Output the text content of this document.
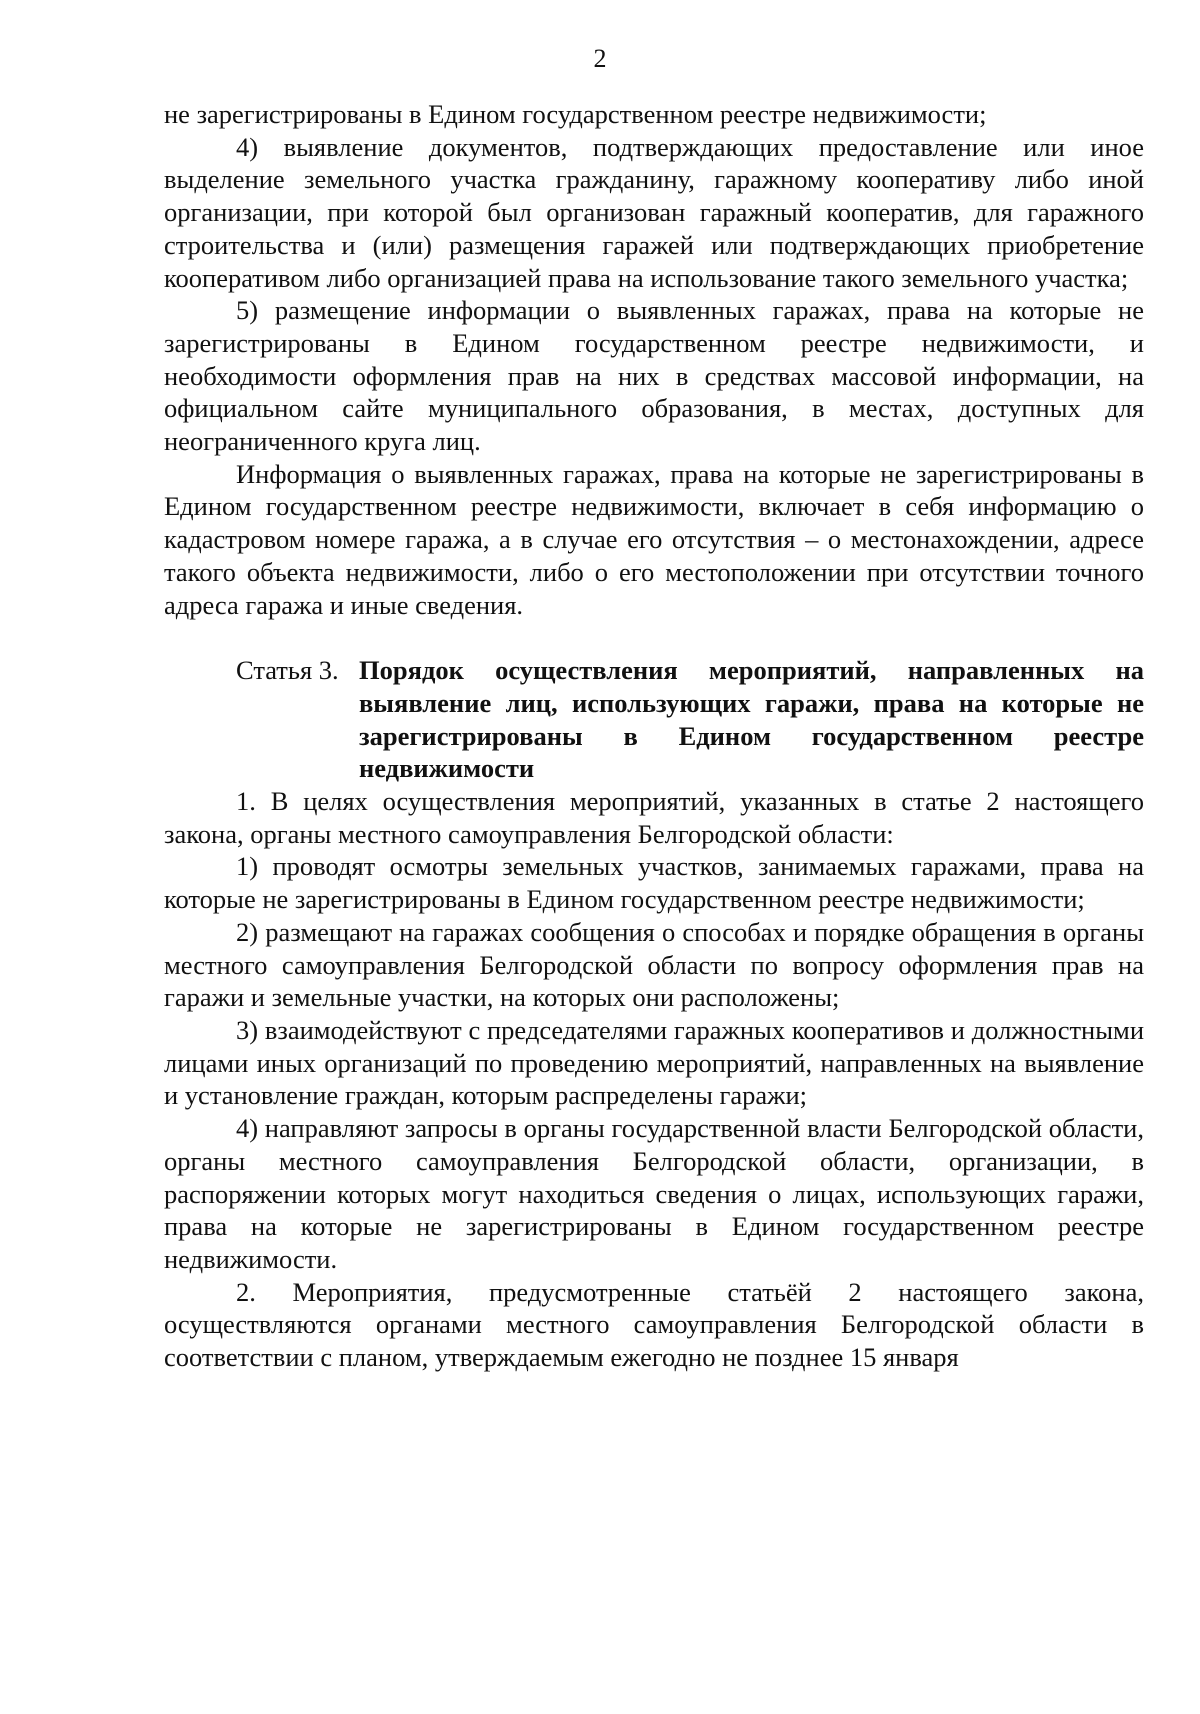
2

не зарегистрированы в Едином государственном реестре недвижимости;

4) выявление документов, подтверждающих предоставление или иное выделение земельного участка гражданину, гаражному кооперативу либо иной организации, при которой был организован гаражный кооператив, для гаражного строительства и (или) размещения гаражей или подтверждающих приобретение кооперативом либо организацией права на использование такого земельного участка;

5) размещение информации о выявленных гаражах, права на которые не зарегистрированы в Едином государственном реестре недвижимости, и необходимости оформления прав на них в средствах массовой информации, на официальном сайте муниципального образования, в местах, доступных для неограниченного круга лиц.

Информация о выявленных гаражах, права на которые не зарегистрированы в Едином государственном реестре недвижимости, включает в себя информацию о кадастровом номере гаража, а в случае его отсутствия – о местонахождении, адресе такого объекта недвижимости, либо о его местоположении при отсутствии точного адреса гаража и иные сведения.

Статья 3. Порядок осуществления мероприятий, направленных на выявление лиц, использующих гаражи, права на которые не зарегистрированы в Едином государственном реестре недвижимости

1. В целях осуществления мероприятий, указанных в статье 2 настоящего закона, органы местного самоуправления Белгородской области:

1) проводят осмотры земельных участков, занимаемых гаражами, права на которые не зарегистрированы в Едином государственном реестре недвижимости;

2) размещают на гаражах сообщения о способах и порядке обращения в органы местного самоуправления Белгородской области по вопросу оформления прав на гаражи и земельные участки, на которых они расположены;

3) взаимодействуют с председателями гаражных кооперативов и должностными лицами иных организаций по проведению мероприятий, направленных на выявление и установление граждан, которым распределены гаражи;

4) направляют запросы в органы государственной власти Белгородской области, органы местного самоуправления Белгородской области, организации, в распоряжении которых могут находиться сведения о лицах, использующих гаражи, права на которые не зарегистрированы в Едином государственном реестре недвижимости.

2. Мероприятия, предусмотренные статьёй 2 настоящего закона, осуществляются органами местного самоуправления Белгородской области в соответствии с планом, утверждаемым ежегодно не позднее 15 января
